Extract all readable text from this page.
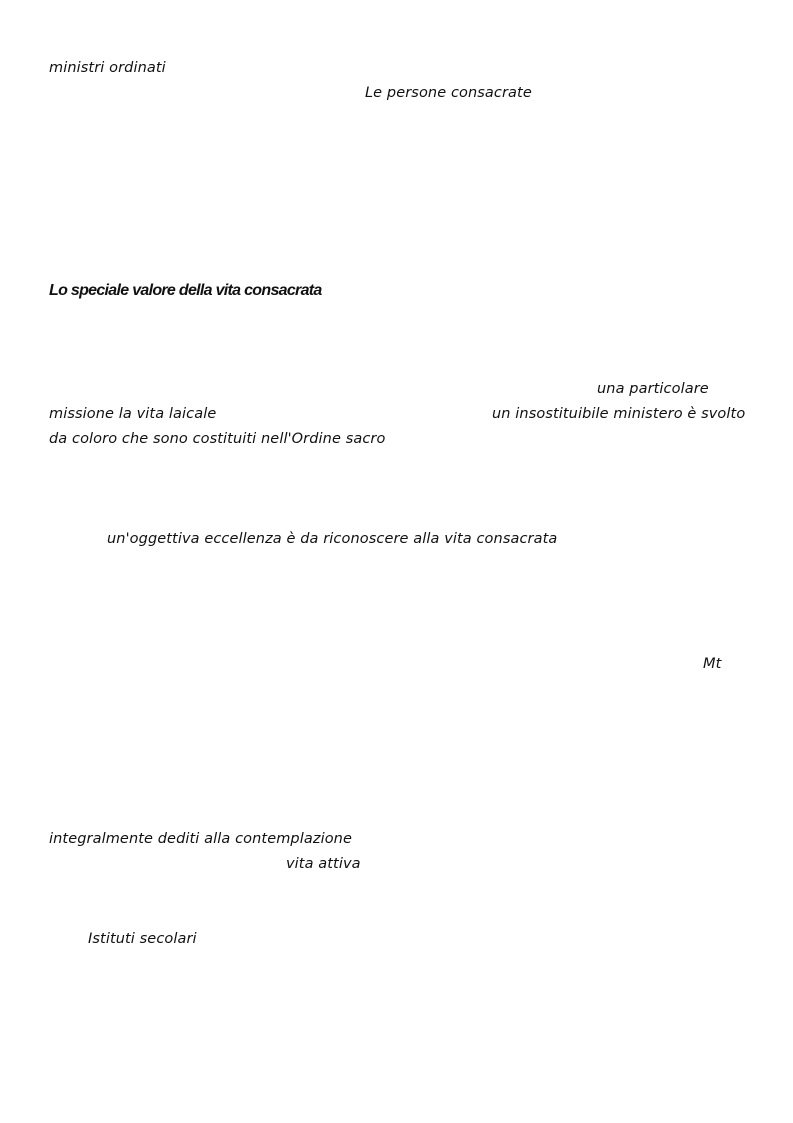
ministri ordinati
Le persone consacrate
Lo speciale valore della vita consacrata
una particolare
missione la vita laicale	un insostituibile ministero è svolto
da coloro che sono costituiti nell'Ordine sacro
un'oggettiva eccellenza è da riconoscere alla vita consacrata
Mt
integralmente dediti alla contemplazione
vita attiva
Istituti secolari
